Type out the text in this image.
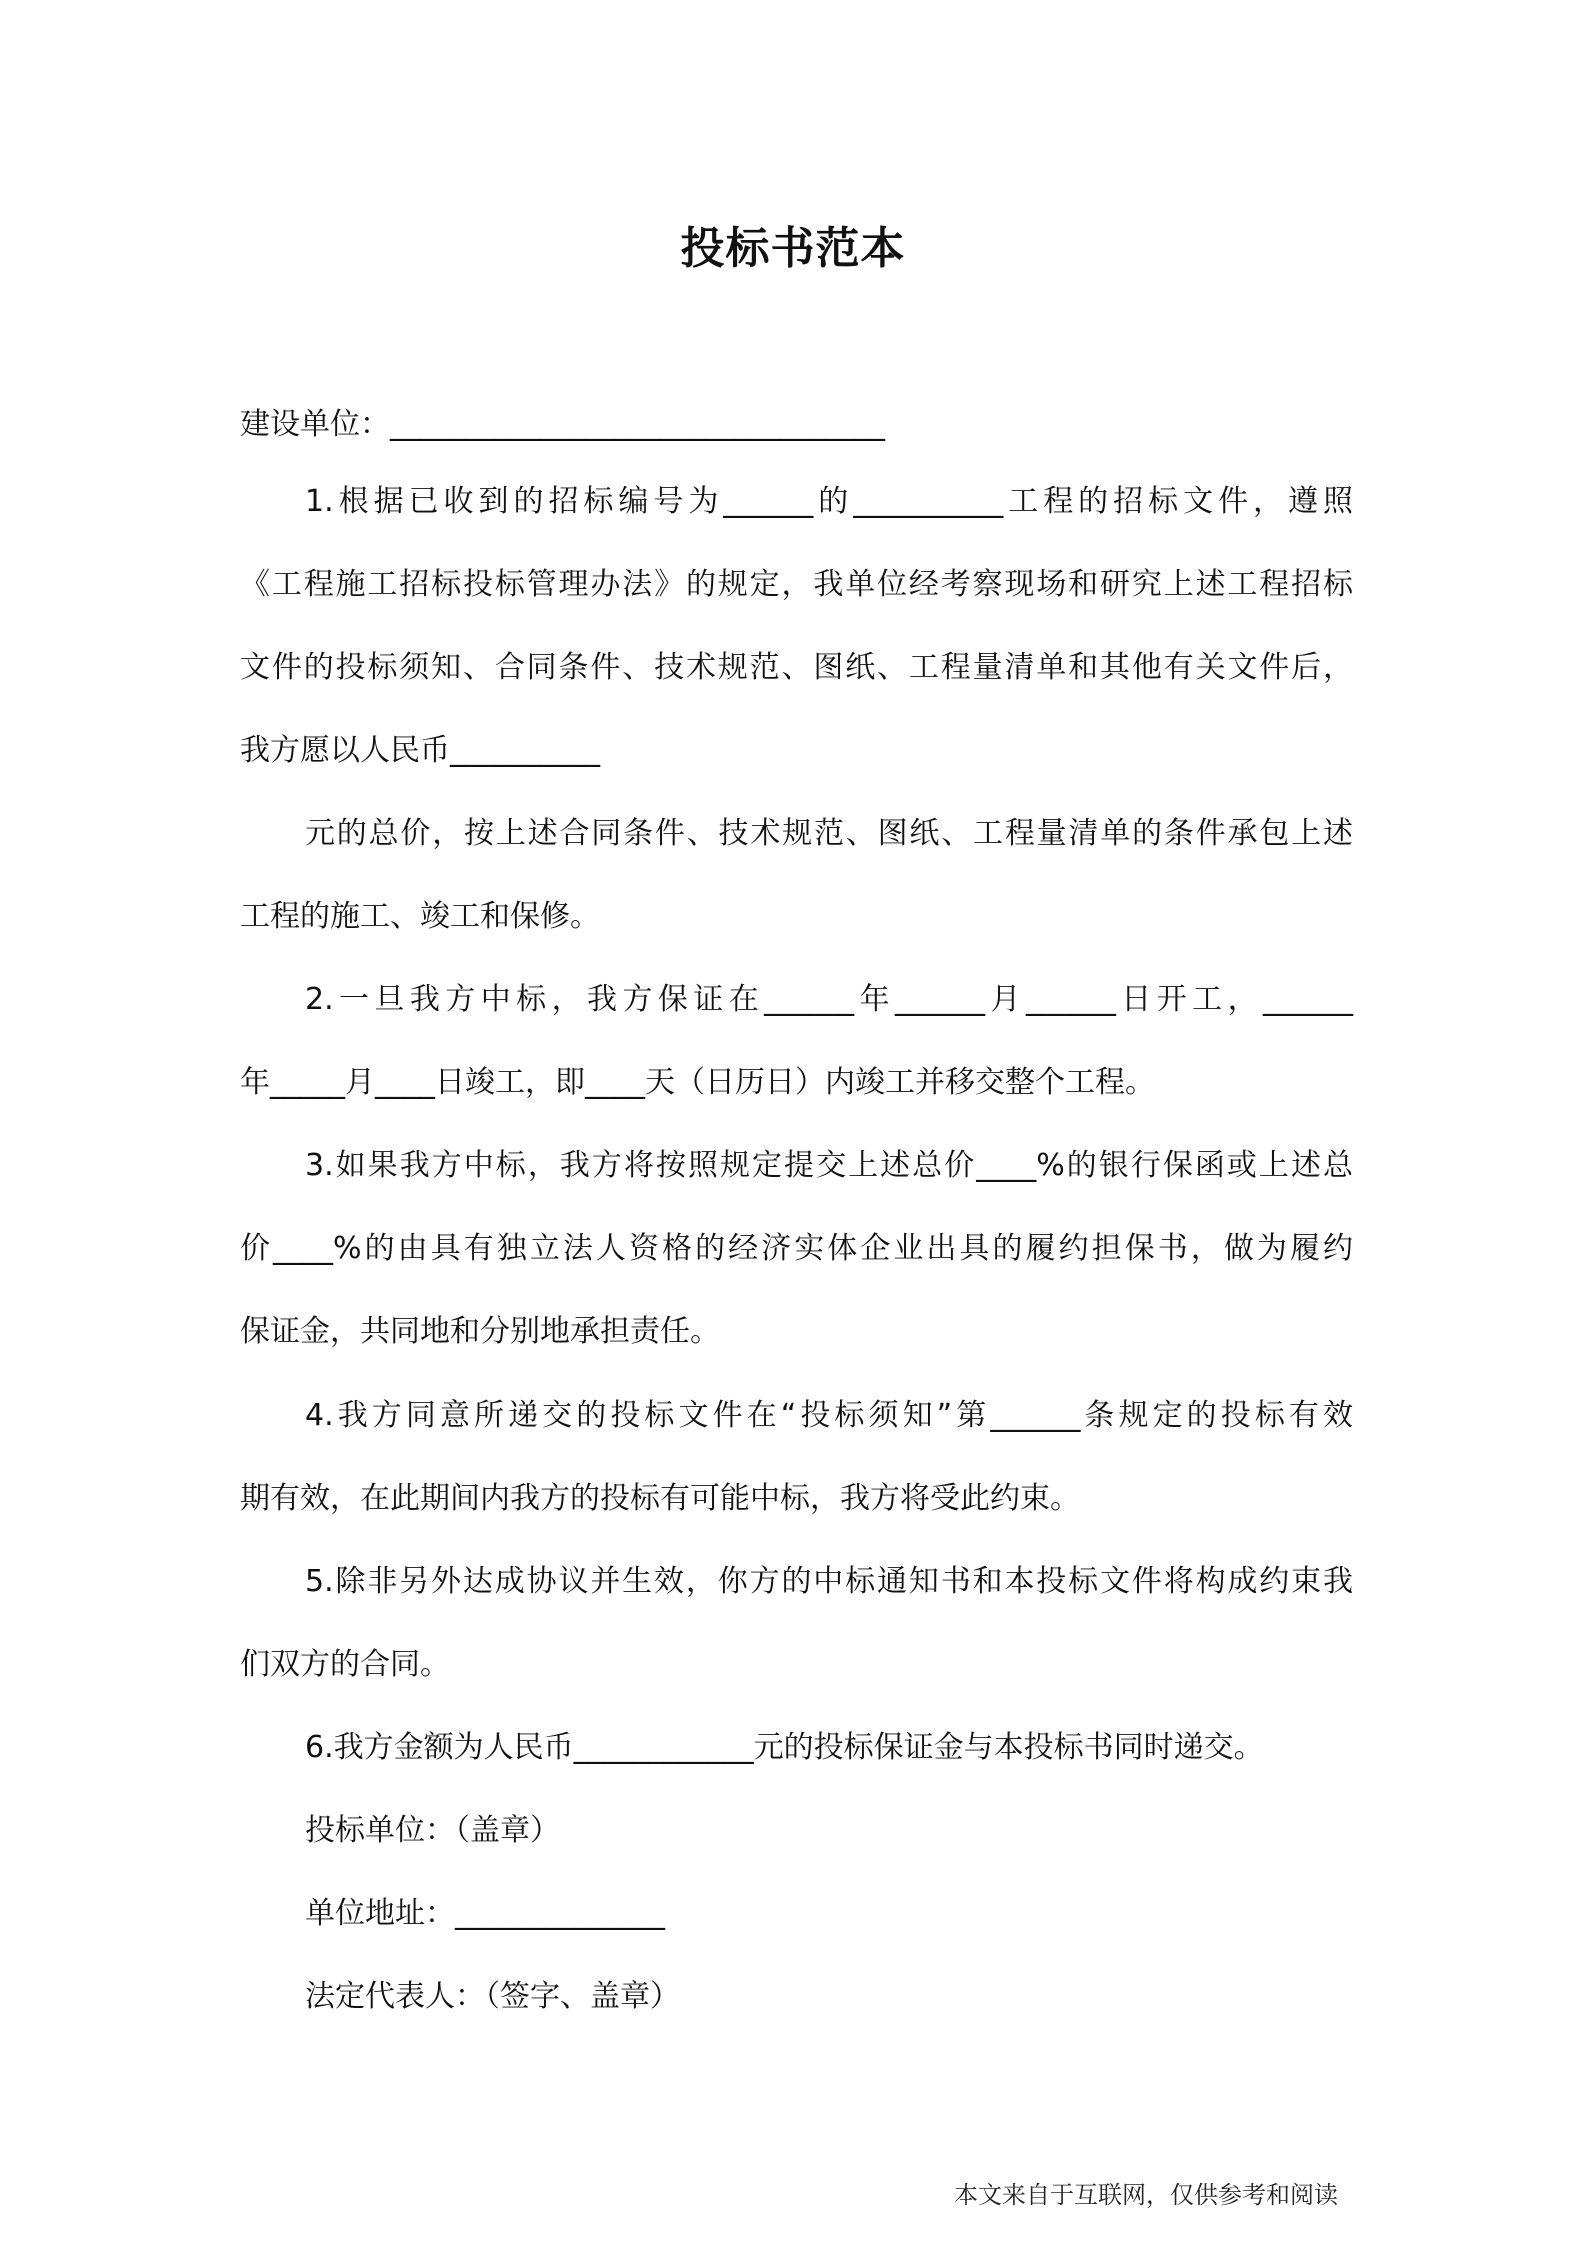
投标书范本
建设单位：_________________________________
1.根据已收到的招标编号为______的__________工程的招标文件，遵照
《工程施工招标投标管理办法》的规定，我单位经考察现场和研究上述工程招标
文件的投标须知、合同条件、技术规范、图纸、工程量清单和其他有关文件后，
我方愿以人民币__________
元的总价，按上述合同条件、技术规范、图纸、工程量清单的条件承包上述
工程的施工、竣工和保修。
2.一旦我方中标，我方保证在______年______月______日开工，______
年_____月____日竣工，即____天（日历日）内竣工并移交整个工程。
3.如果我方中标，我方将按照规定提交上述总价____%的银行保函或上述总
价____%的由具有独立法人资格的经济实体企业出具的履约担保书，做为履约
保证金，共同地和分别地承担责任。
4.我方同意所递交的投标文件在“投标须知”第______条规定的投标有效
期有效，在此期间内我方的投标有可能中标，我方将受此约束。
5.除非另外达成协议并生效，你方的中标通知书和本投标文件将构成约束我
们双方的合同。
6.我方金额为人民币____________元的投标保证金与本投标书同时递交。
投标单位：（盖章）
单位地址：______________
法定代表人：（签字、盖章）
本文来自于互联网，仅供参考和阅读
